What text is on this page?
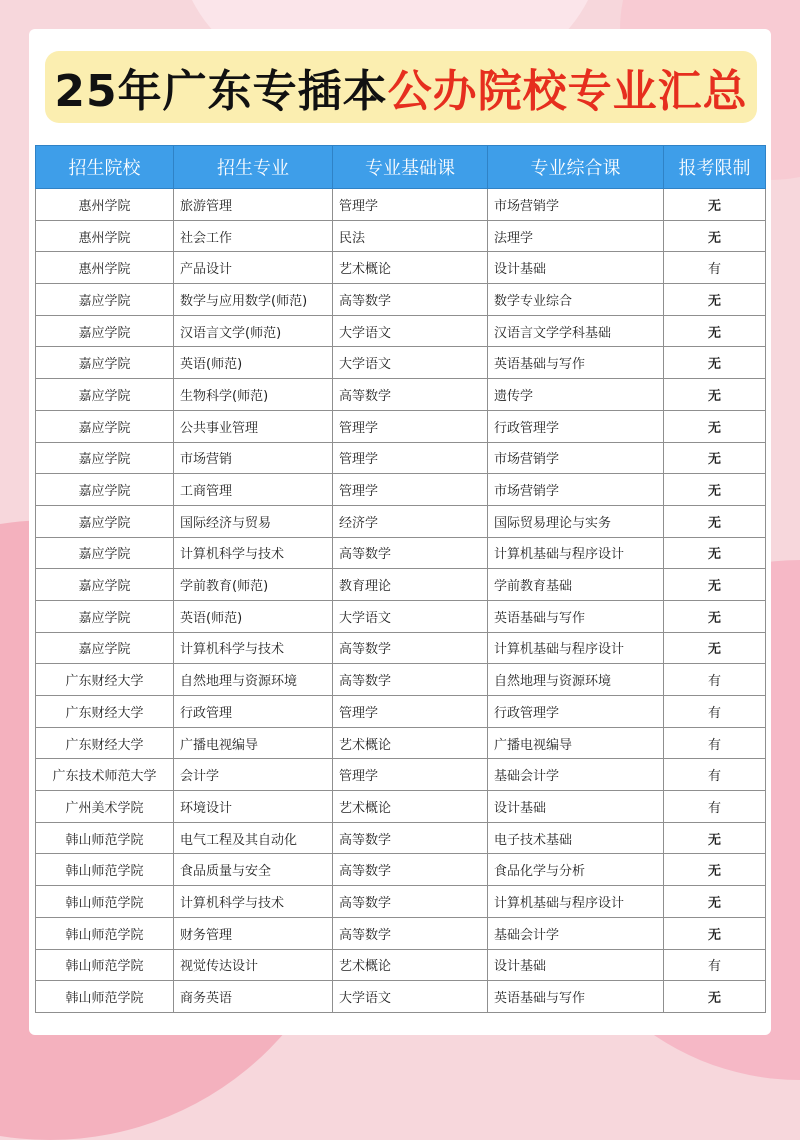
25年广东专插本 公办院校专业汇总
招生院校	招生专业	专业基础课	专业综合课	报考限制
惠州学院	旅游管理	管理学	市场营销学	无
惠州学院	社会工作	民法	法理学	无
惠州学院	产品设计	艺术概论	设计基础	有
嘉应学院	数学与应用数学(师范)	高等数学	数学专业综合	无
嘉应学院	汉语言文学(师范)	大学语文	汉语言文学学科基础	无
嘉应学院	英语(师范)	大学语文	英语基础与写作	无
嘉应学院	生物科学(师范)	高等数学	遗传学	无
嘉应学院	公共事业管理	管理学	行政管理学	无
嘉应学院	市场营销	管理学	市场营销学	无
嘉应学院	工商管理	管理学	市场营销学	无
嘉应学院	国际经济与贸易	经济学	国际贸易理论与实务	无
嘉应学院	计算机科学与技术	高等数学	计算机基础与程序设计	无
嘉应学院	学前教育(师范)	教育理论	学前教育基础	无
嘉应学院	英语(师范)	大学语文	英语基础与写作	无
嘉应学院	计算机科学与技术	高等数学	计算机基础与程序设计	无
广东财经大学	自然地理与资源环境	高等数学	自然地理与资源环境	有
广东财经大学	行政管理	管理学	行政管理学	有
广东财经大学	广播电视编导	艺术概论	广播电视编导	有
广东技术师范大学	会计学	管理学	基础会计学	有
广州美术学院	环境设计	艺术概论	设计基础	有
韩山师范学院	电气工程及其自动化	高等数学	电子技术基础	无
韩山师范学院	食品质量与安全	高等数学	食品化学与分析	无
韩山师范学院	计算机科学与技术	高等数学	计算机基础与程序设计	无
韩山师范学院	财务管理	高等数学	基础会计学	无
韩山师范学院	视觉传达设计	艺术概论	设计基础	有
韩山师范学院	商务英语	大学语文	英语基础与写作	无
